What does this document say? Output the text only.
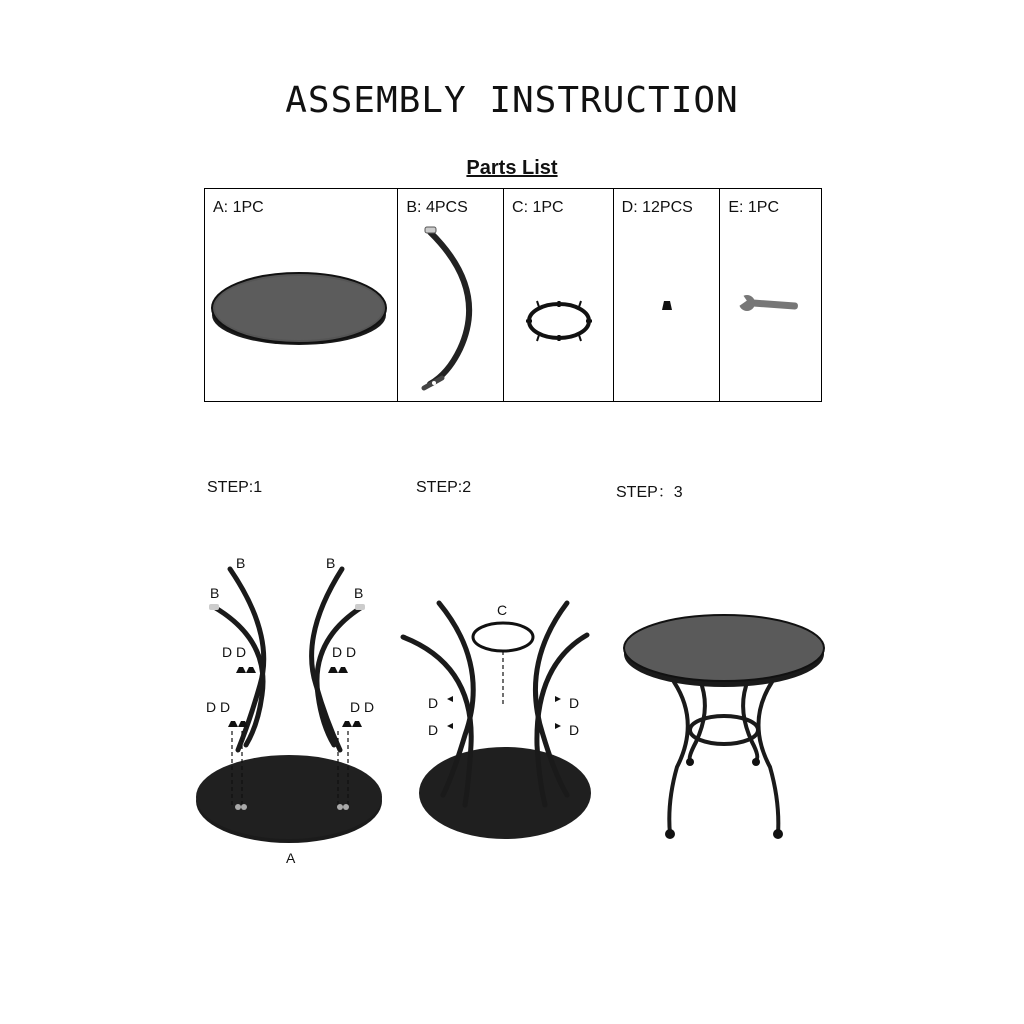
ASSEMBLY INSTRUCTION
Parts List
A: 1PC	B: 4PCS	C: 1PC	D: 12PCS E: 1PC
STEP:1	STEP:2	STEP：3
B
B
B
B
D D	D D
D D	D D
A
C
D
D
D
D
